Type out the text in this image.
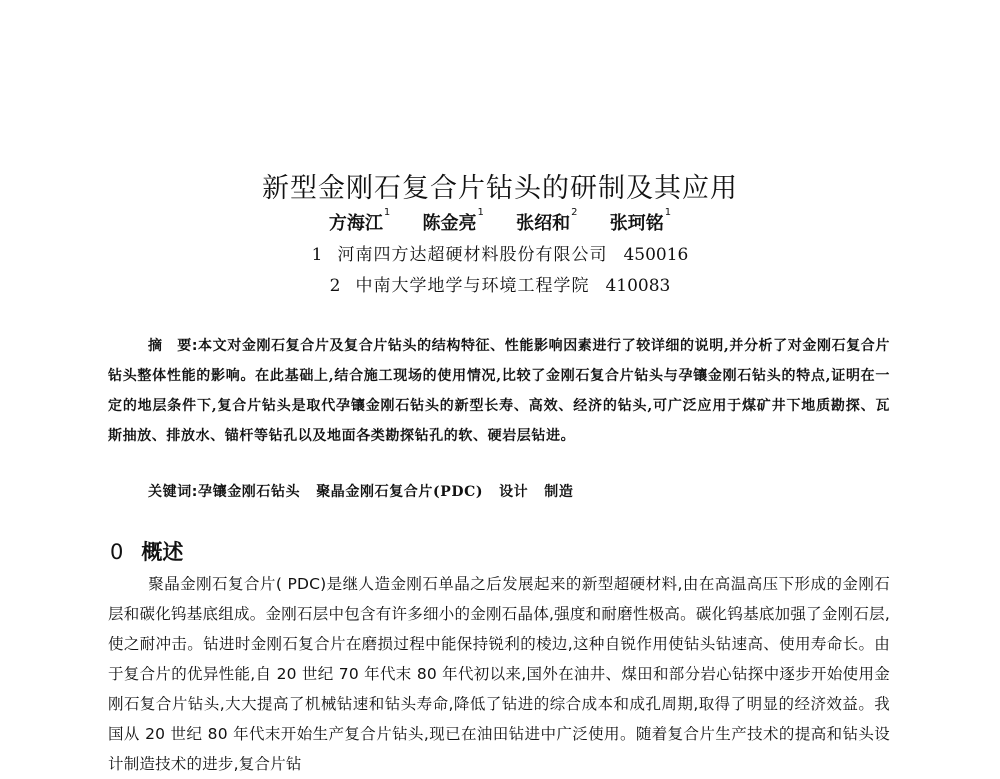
新型金刚石复合片钻头的研制及其应用
方海江$^1$ 陈金亮$^1$ 张绍和$^2$ 张珂铭$^1$
1 河南四方达超硬材料股份有限公司 450016
2 中南大学地学与环境工程学院 410083
摘　要:本文对金刚石复合片及复合片钻头的结构特征、性能影响因素进行了较详细的说明,并分析了对金刚石复合片钻头整体性能的影响。在此基础上,结合施工现场的使用情况,比较了金刚石复合片钻头与孕镶金刚石钻头的特点,证明在一定的地层条件下,复合片钻头是取代孕镶金刚石钻头的新型长寿、高效、经济的钻头,可广泛应用于煤矿井下地质勘探、瓦斯抽放、排放水、锚杆等钻孔以及地面各类勘探钻孔的软、硬岩层钻进。
关键词:孕镶金刚石钻头 聚晶金刚石复合片(PDC) 设计 制造
0 概述
聚晶金刚石复合片( PDC)是继人造金刚石单晶之后发展起来的新型超硬材料,由在高温高压下形成的金刚石层和碳化钨基底组成。金刚石层中包含有许多细小的金刚石晶体,强度和耐磨性极高。碳化钨基底加强了金刚石层,使之耐冲击。钻进时金刚石复合片在磨损过程中能保持锐利的棱边,这种自锐作用使钻头钻速高、使用寿命长。由于复合片的优异性能,自 20 世纪 70 年代末 80 年代初以来,国外在油井、煤田和部分岩心钻探中逐步开始使用金刚石复合片钻头,大大提高了机械钻速和钻头寿命,降低了钻进的综合成本和成孔周期,取得了明显的经济效益。我国从 20 世纪 80 年代末开始生产复合片钻头,现已在油田钻进中广泛使用。随着复合片生产技术的提高和钻头设计制造技术的进步,复合片钻
